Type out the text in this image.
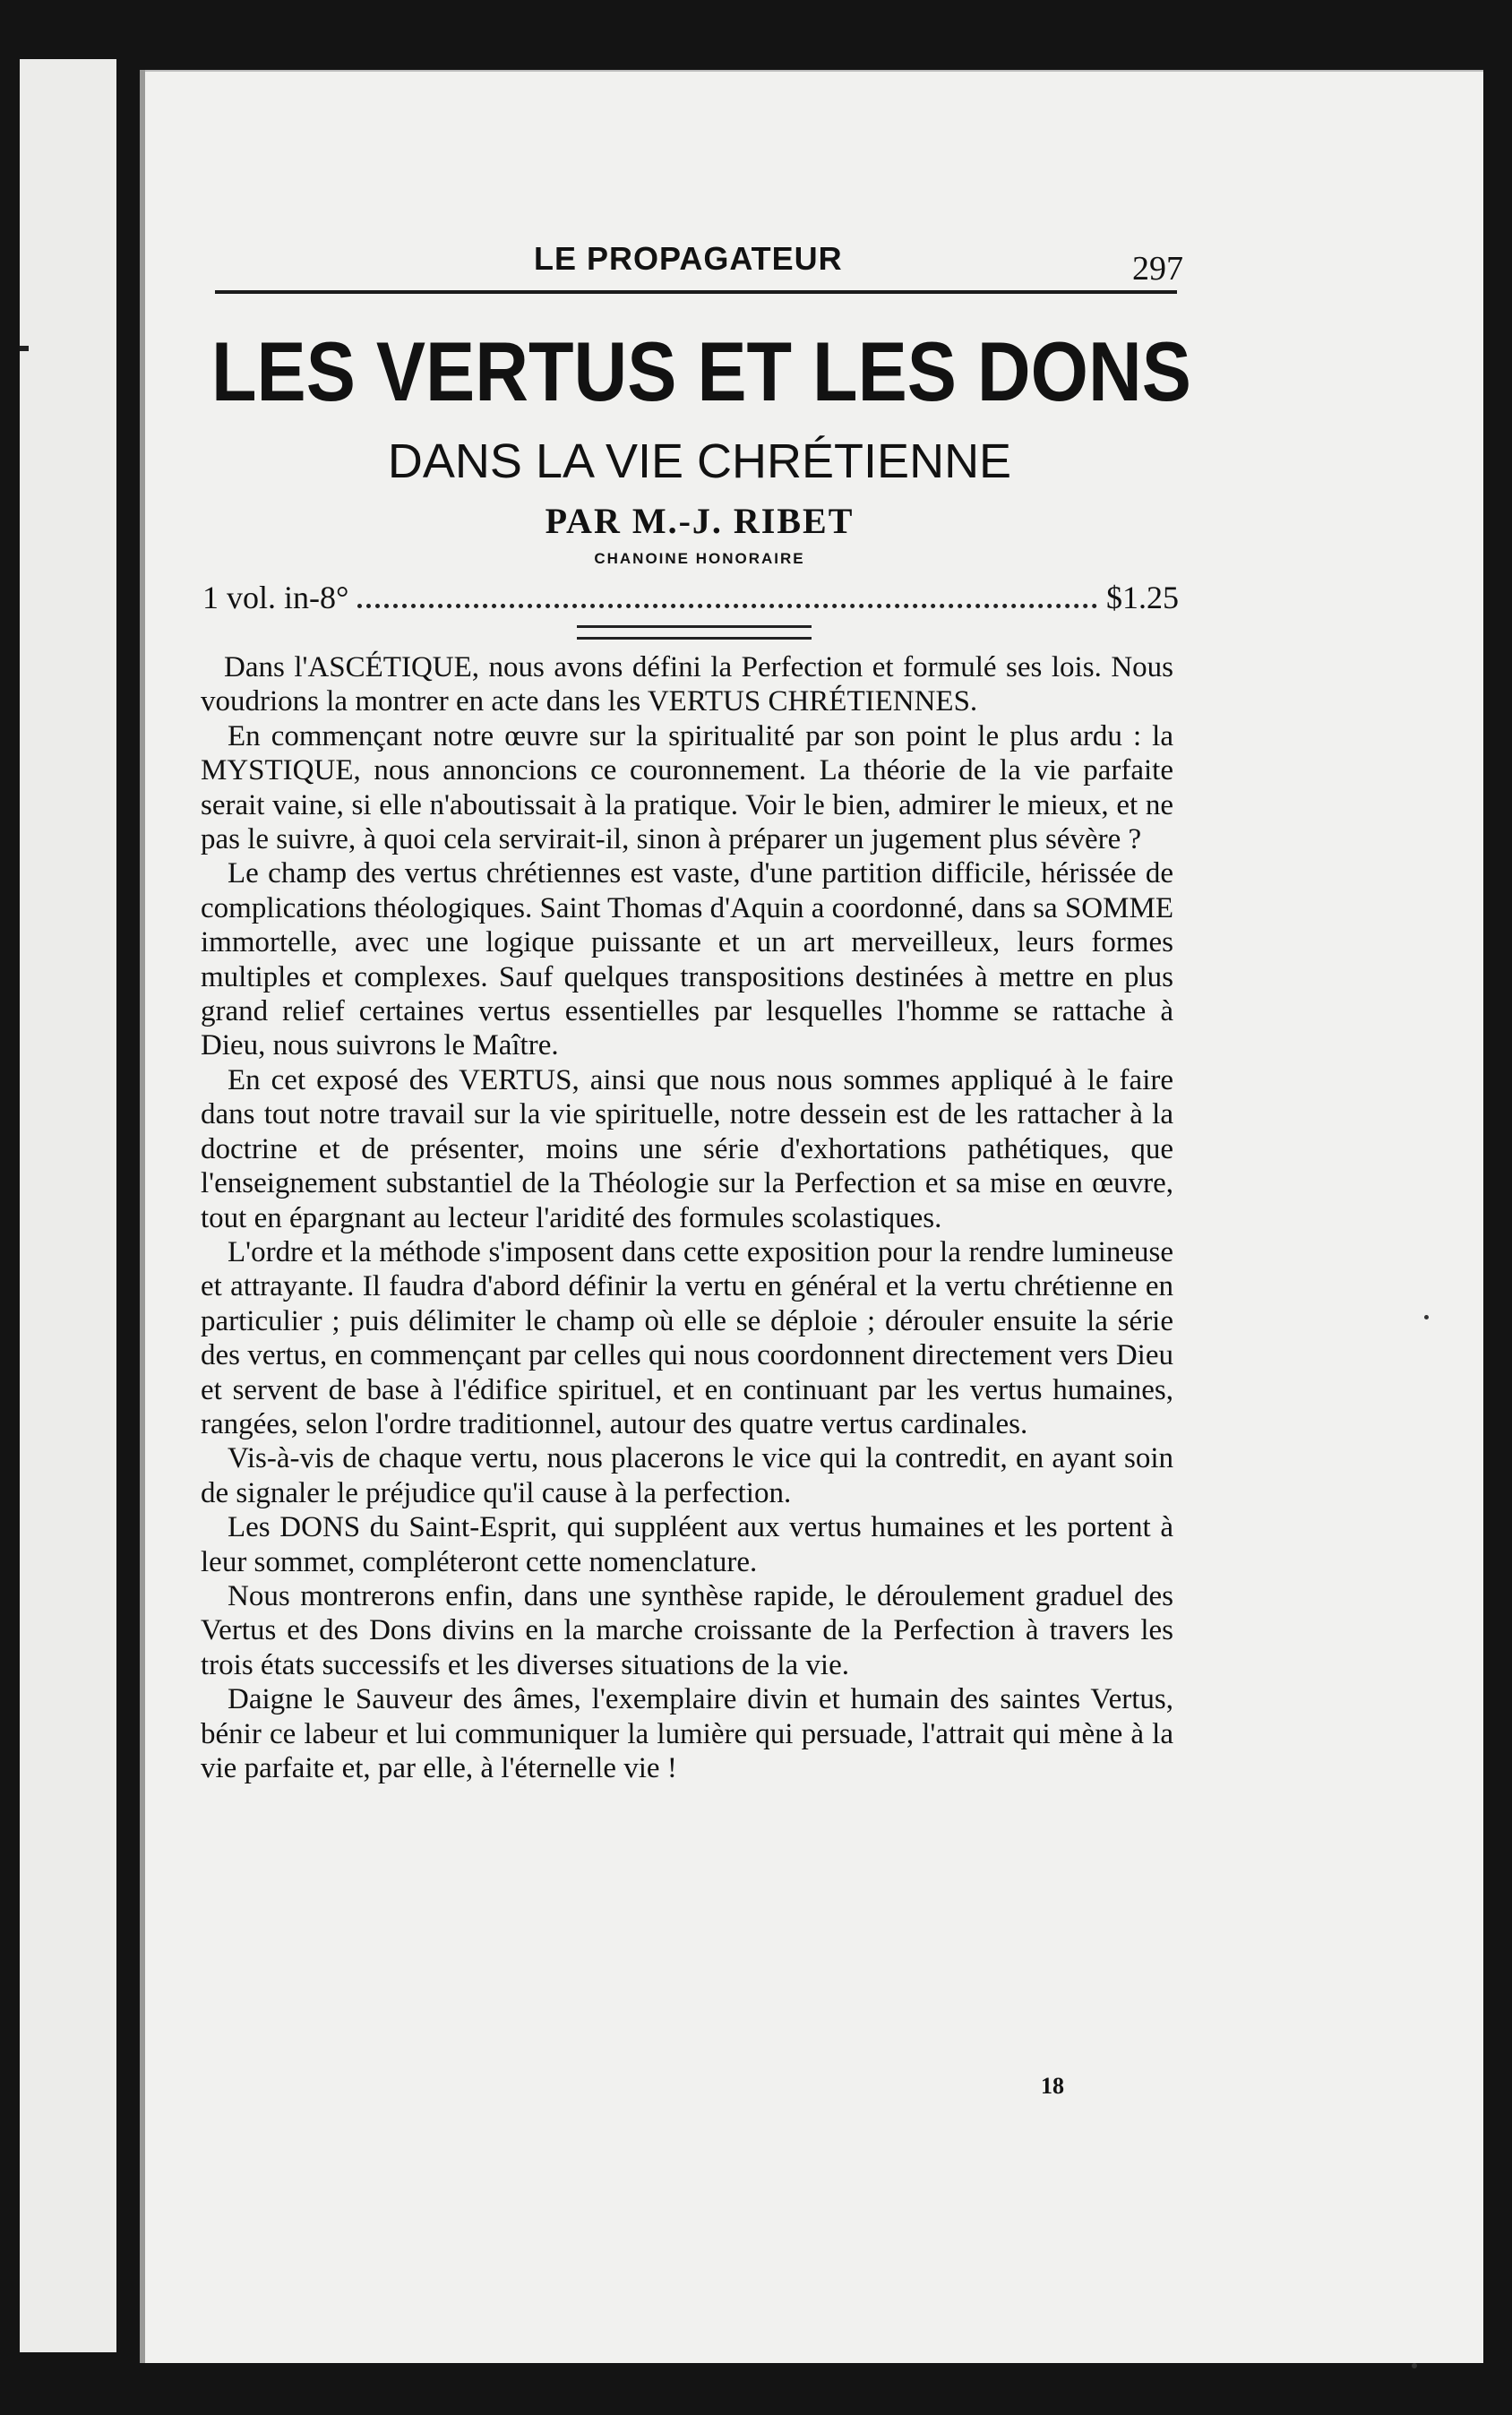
LE PROPAGATEUR	297
LES VERTUS ET LES DONS
DANS LA VIE CHRÉTIENNE
PAR M.-J. RIBET
CHANOINE HONORAIRE
1 vol. in-8°	$1.25

Dans l'ASCÉTIQUE, nous avons défini la Perfection et formulé ses lois. Nous voudrions la montrer en acte dans les VERTUS CHRÉTIENNES.

En commençant notre œuvre sur la spiritualité par son point le plus ardu : la MYSTIQUE, nous annoncions ce couronnement. La théorie de la vie parfaite serait vaine, si elle n'aboutissait à la pratique. Voir le bien, admirer le mieux, et ne pas le suivre, à quoi cela servirait-il, sinon à préparer un jugement plus sévère ?

Le champ des vertus chrétiennes est vaste, d'une partition difficile, hérissée de complications théologiques. Saint Thomas d'Aquin a coordonné, dans sa SOMME immortelle, avec une logique puissante et un art merveilleux, leurs formes multiples et complexes. Sauf quelques transpositions destinées à mettre en plus grand relief certaines vertus essentielles par lesquelles l'homme se rattache à Dieu, nous suivrons le Maître.

En cet exposé des VERTUS, ainsi que nous nous sommes appliqué à le faire dans tout notre travail sur la vie spirituelle, notre dessein est de les rattacher à la doctrine et de présenter, moins une série d'exhortations pathétiques, que l'enseignement substantiel de la Théologie sur la Perfection et sa mise en œuvre, tout en épargnant au lecteur l'aridité des formules scolastiques.

L'ordre et la méthode s'imposent dans cette exposition pour la rendre lumineuse et attrayante. Il faudra d'abord définir la vertu en général et la vertu chrétienne en particulier ; puis délimiter le champ où elle se déploie ; dérouler ensuite la série des vertus, en commençant par celles qui nous coordonnent directement vers Dieu et servent de base à l'édifice spirituel, et en continuant par les vertus humaines, rangées, selon l'ordre traditionnel, autour des quatre vertus cardinales.

Vis-à-vis de chaque vertu, nous placerons le vice qui la contredit, en ayant soin de signaler le préjudice qu'il cause à la perfection.

Les DONS du Saint-Esprit, qui suppléent aux vertus humaines et les portent à leur sommet, compléteront cette nomenclature.

Nous montrerons enfin, dans une synthèse rapide, le déroulement graduel des Vertus et des Dons divins en la marche croissante de la Perfection à travers les trois états successifs et les diverses situations de la vie.

Daigne le Sauveur des âmes, l'exemplaire divin et humain des saintes Vertus, bénir ce labeur et lui communiquer la lumière qui persuade, l'attrait qui mène à la vie parfaite et, par elle, à l'éternelle vie !

18
